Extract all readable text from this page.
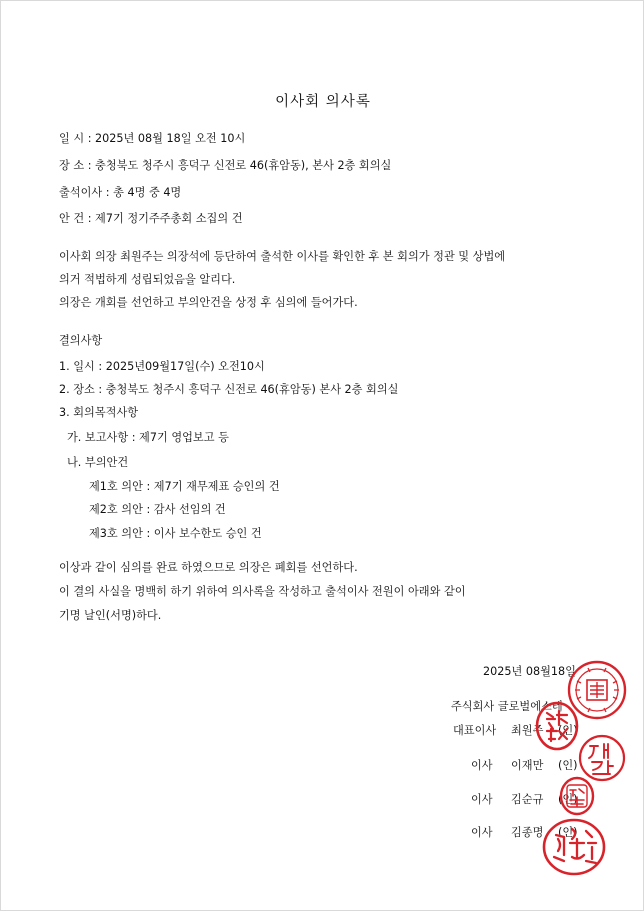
이사회 의사록
일 시 : 2025년 08월 18일 오전 10시
장 소 : 충청북도 청주시 흥덕구 신전로 46(휴암동), 본사 2층 회의실
출석이사 : 총 4명 중 4명
안 건 : 제7기 정기주주총회 소집의 건
이사회 의장 최원주는 의장석에 등단하여 출석한 이사를 확인한 후 본 회의가 정관 및 상법에
의거 적법하게 성립되었음을 알리다.
의장은 개회를 선언하고 부의안건을 상정 후 심의에 들어가다.
결의사항
1. 일시 : 2025년09월17일(수) 오전10시
2. 장소 : 충청북도 청주시 흥덕구 신전로 46(휴암동) 본사 2층 회의실
3. 회의목적사항
가. 보고사항 : 제7기 영업보고 등
나. 부의안건
제1호 의안 : 제7기 재무제표 승인의 건
제2호 의안 : 감사 선임의 건
제3호 의안 : 이사 보수한도 승인 건
이상과 같이 심의를 완료 하였으므로 의장은 폐회를 선언하다.
이 결의 사실을 명백히 하기 위하여 의사록을 작성하고 출석이사 전원이 아래와 같이
기명 날인(서명)하다.
2025년 08월18일
주식회사 글로벌에스테
대표이사 최원주 (인)
이사 이재만 (인)
이사 김순규 (인)
이사 김종명 (인)
